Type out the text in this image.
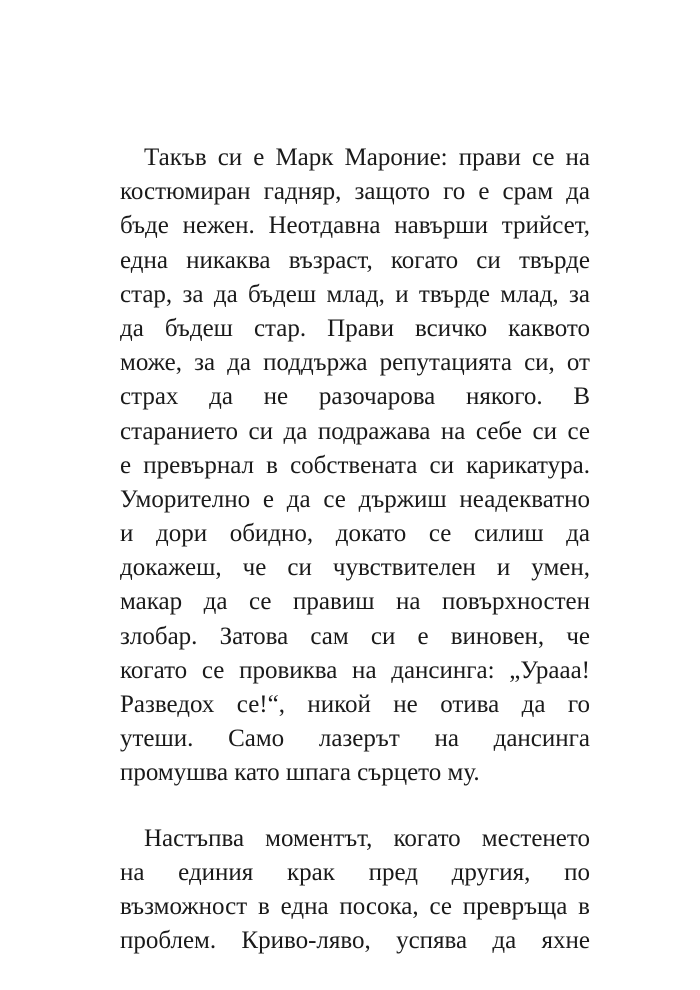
Такъв си е Марк Мароние: прави се на
костюмиран гадняр, защото го е срам да
бъде нежен. Неотдавна навърши трийсет,
една никаква възраст, когато си твърде
стар, за да бъдеш млад, и твърде млад, за
да бъдеш стар. Прави всичко каквото
може, за да поддържа репутацията си, от
страх да не разочарова някого. В
старанието си да подражава на себе си се
е превърнал в собствената си карикатура.
Уморително е да се държиш неадекватно
и дори обидно, докато се силиш да
докажеш, че си чувствителен и умен,
макар да се правиш на повърхностен
злобар. Затова сам си е виновен, че
когато се провиква на дансинга: „Урааа!
Разведох се!“, никой не отива да го
утеши. Само лазерът на дансинга
промушва като шпага сърцето му.
Настъпва моментът, когато местенето
на единия крак пред другия, по
възможност в една посока, се превръща в
проблем. Криво-ляво, успява да яхне
